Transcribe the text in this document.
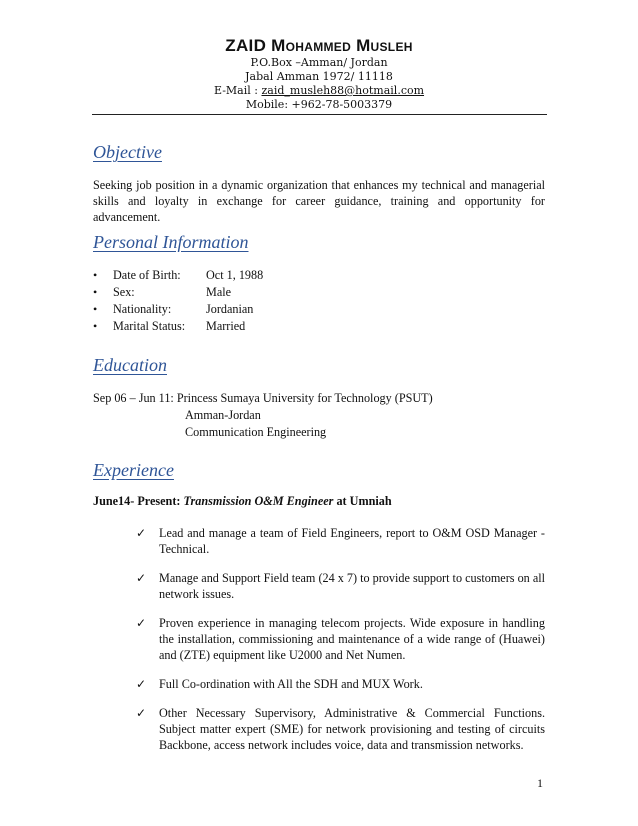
ZAID Mohammed Musleh
P.O.Box –Amman/ Jordan
Jabal Amman 1972/ 11118
E-Mail : zaid_musleh88@hotmail.com
Mobile: +962-78-5003379
Objective
Seeking job position in a dynamic organization that enhances my technical and managerial skills and loyalty in exchange for career guidance, training and opportunity for advancement.
Personal Information
•	Date of Birth:	Oct 1, 1988
•	Sex:	Male
•	Nationality:	Jordanian
•	Marital Status:	Married
Education
Sep 06 – Jun 11: Princess Sumaya University for Technology (PSUT)
Amman-Jordan
Communication Engineering
Experience
June14- Present: Transmission O&M Engineer at Umniah
✓ Lead and manage a team of Field Engineers, report to O&M OSD Manager - Technical.
✓ Manage and Support Field team (24 x 7) to provide support to customers on all network issues.
✓ Proven experience in managing telecom projects. Wide exposure in handling the installation, commissioning and maintenance of a wide range of (Huawei) and (ZTE) equipment like U2000 and Net Numen.
✓ Full Co-ordination with All the SDH and MUX Work.
✓ Other Necessary Supervisory, Administrative & Commercial Functions. Subject matter expert (SME) for network provisioning and testing of circuits Backbone, access network includes voice, data and transmission networks.
1
